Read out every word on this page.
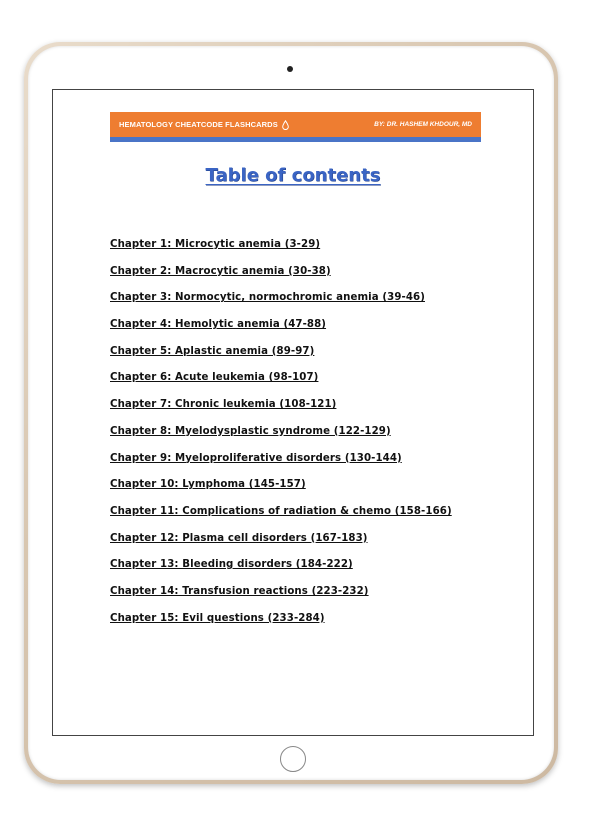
HEMATOLOGY CHEATCODE FLASHCARDS	BY: DR. HASHEM KHDOUR, MD
Table of contents
Chapter 1: Microcytic anemia (3-29)
Chapter 2: Macrocytic anemia (30-38)
Chapter 3: Normocytic, normochromic anemia (39-46)
Chapter 4: Hemolytic anemia (47-88)
Chapter 5: Aplastic anemia (89-97)
Chapter 6: Acute leukemia (98-107)
Chapter 7: Chronic leukemia (108-121)
Chapter 8: Myelodysplastic syndrome (122-129)
Chapter 9: Myeloproliferative disorders (130-144)
Chapter 10: Lymphoma (145-157)
Chapter 11: Complications of radiation & chemo (158-166)
Chapter 12: Plasma cell disorders (167-183)
Chapter 13: Bleeding disorders (184-222)
Chapter 14: Transfusion reactions (223-232)
Chapter 15: Evil questions (233-284)
